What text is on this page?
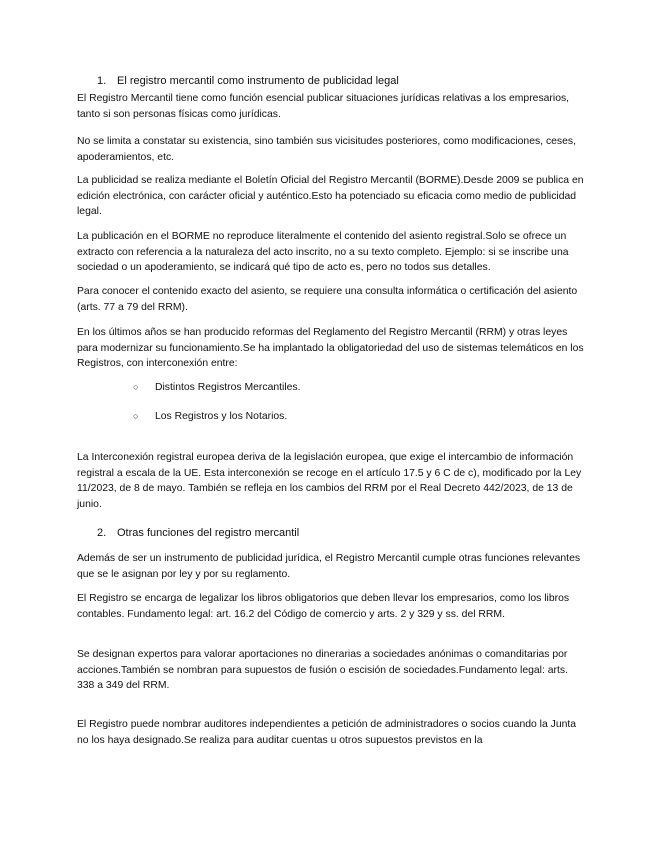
1. El registro mercantil como instrumento de publicidad legal

El Registro Mercantil tiene como función esencial publicar situaciones jurídicas relativas a los empresarios, tanto si son personas físicas como jurídicas.

No se limita a constatar su existencia, sino también sus vicisitudes posteriores, como modificaciones, ceses, apoderamientos, etc.

La publicidad se realiza mediante el Boletín Oficial del Registro Mercantil (BORME).Desde 2009 se publica en edición electrónica, con carácter oficial y auténtico.Esto ha potenciado su eficacia como medio de publicidad legal.

La publicación en el BORME no reproduce literalmente el contenido del asiento registral.Solo se ofrece un extracto con referencia a la naturaleza del acto inscrito, no a su texto completo. Ejemplo: si se inscribe una sociedad o un apoderamiento, se indicará qué tipo de acto es, pero no todos sus detalles.

Para conocer el contenido exacto del asiento, se requiere una consulta informática o certificación del asiento (arts. 77 a 79 del RRM).

En los últimos años se han producido reformas del Reglamento del Registro Mercantil (RRM) y otras leyes para modernizar su funcionamiento.Se ha implantado la obligatoriedad del uso de sistemas telemáticos en los Registros, con interconexión entre:

○ Distintos Registros Mercantiles.
○ Los Registros y los Notarios.

La Interconexión registral europea deriva de la legislación europea, que exige el intercambio de información registral a escala de la UE. Esta interconexión se recoge en el artículo 17.5 y 6 C de c), modificado por la Ley 11/2023, de 8 de mayo. También se refleja en los cambios del RRM por el Real Decreto 442/2023, de 13 de junio.

2. Otras funciones del registro mercantil

Además de ser un instrumento de publicidad jurídica, el Registro Mercantil cumple otras funciones relevantes que se le asignan por ley y por su reglamento.

El Registro se encarga de legalizar los libros obligatorios que deben llevar los empresarios, como los libros contables. Fundamento legal: art. 16.2 del Código de comercio y arts. 2 y 329 y ss. del RRM.

Se designan expertos para valorar aportaciones no dinerarias a sociedades anónimas o comanditarias por acciones.También se nombran para supuestos de fusión o escisión de sociedades.Fundamento legal: arts. 338 a 349 del RRM.

El Registro puede nombrar auditores independientes a petición de administradores o socios cuando la Junta no los haya designado.Se realiza para auditar cuentas u otros supuestos previstos en la
